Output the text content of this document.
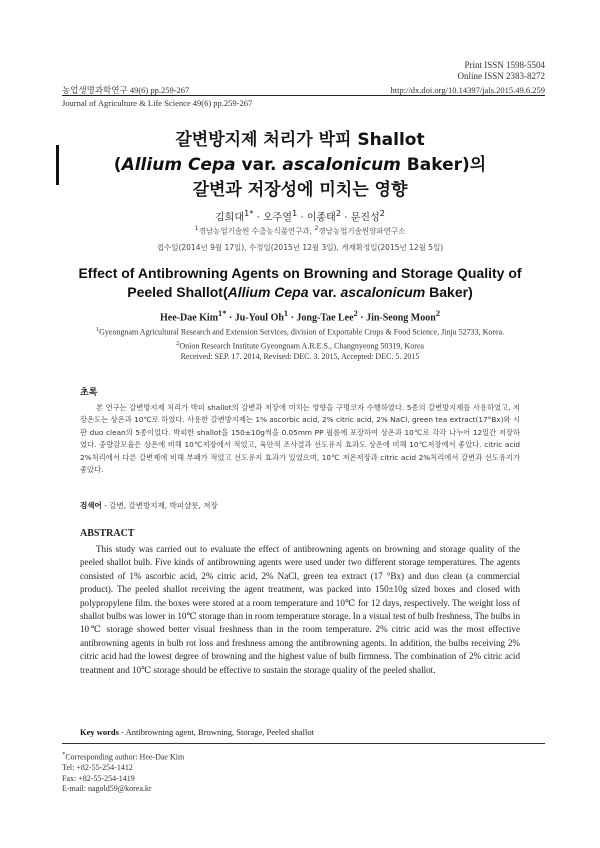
Print ISSN 1598-5504
Online ISSN 2383-8272
농업생명과학연구 49(6) pp.259-267	http://dx.doi.org/10.14397/jals.2015.49.6.259
Journal of Agriculture & Life Science 49(6) pp.259-267
갈변방지제 처리가 박피 Shallot
(Allium Cepa var. ascalonicum Baker)의
갈변과 저장성에 미치는 영향
김희대$^{1*}$ · 오주열$^1$ · 이종태$^2$ · 문진성$^2$
$^1$경남농업기술원 수출농식품연구과, $^2$경남농업기술원양파연구소
접수일(2014년 9월 17일), 수정일(2015년 12월 3일), 게재확정일(2015년 12월 5일)
Effect of Antibrowning Agents on Browning and Storage Quality of
Peeled Shallot(Allium Cepa var. ascalonicum Baker)
Hee-Dae Kim$^{1*}$ · Ju-Youl $Oh^1$ · Jong-Tae Lee$^2$ · Jin-Seong Moon$^2$
$^1$Gyeongnam Agricultural Research and Extension Services, division of Exportable Crops & Food Science, Jinju 52733, Korea.
$^2$Onion Research Institute Gyeongnam A.R.E.S., Changnyeong 50319, Korea
Received: SEP. 17. 2014, Revised: DEC. 3. 2015, Accepted: DEC. 5. 2015
초록
본 연구는 갈변방지제 처리가 박피 shallot의 갈변과 저장에 미치는 영향을 구명코자 수행하였다. 5종의 갈변방지제를 사용하였고, 저장온도는 상온과 10℃로 하였다. 사용한 갈변방지제는 1% ascorbic acid, 2% citric acid, 2% NaCl, green tea extract(17°Bx)와 시판 duo clean의 5종이었다. 박피한 shallot을 150±10g씩을 0.05mm PP 필름에 포장하여 상온과 10℃로 각각 나누어 12일간 저장하였다. 중량감모율은 상온에 비해 10℃저장에서 적었고, 육안적 조사결과 선도유지 효과도 상온에 비해 10℃저장에서 좋았다. citric acid 2%처리에서 다른 갈변제에 비해 부패가 적었고 선도유지 효과가 있었으며, 10℃ 저온저장과 citric acid 2%처리에서 갈변과 선도유지가 좋았다.
검색어 - 갈변, 갈변방지제, 박피샬롯, 저장
ABSTRACT
This study was carried out to evaluate the effect of antibrowning agents on browning and storage quality of the peeled shallot bulb. Five kinds of antibrowning agents were used under two different storage temperatures. The agents consisted of 1% ascorbic acid, 2% citric acid, 2% NaCl, green tea extract (17 °Bx) and duo clean (a commercial product). The peeled shallot receiving the agent treatment, was packed into 150±10g sized boxes and closed with polypropylene film. the boxes were stored at a room temperature and 10℃ for 12 days, respectively. The weight loss of shallot bulbs was lower in 10℃ storage than in room temperature storage. In a visual test of bulb freshness, The bulbs in 10℃ storage showed better visual freshness than in the room temperature. 2% citric acid was the most effective antibrowning agents in bulb rot loss and freshness among the antibrowning agents. In addition, the bulbs receiving 2% citric acid had the lowest degree of browning and the highest value of bulb firmness. The combination of 2% citric acid treatment and 10℃ storage should be effective to sustain the storage quality of the peeled shallot.
Key words - Antibrowning agent, Browning, Storage, Peeled shallot
*Corresponding author: Hee-Dae Kim
Tel: +82-55-254-1412
Fax: +82-55-254-1419
E-mail: nagold59@korea.kr
